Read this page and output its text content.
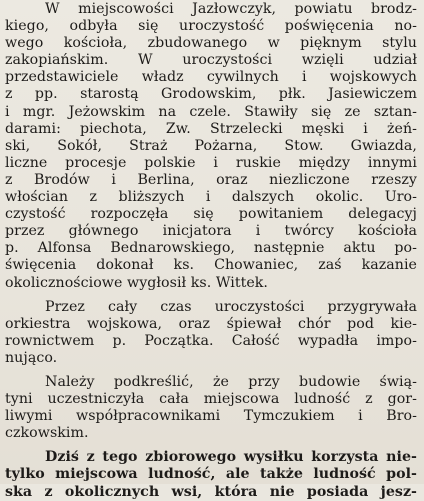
W miejscowości Jazłowczyk, powiatu brodz-
kiego, odbyła się uroczystość poświęcenia no-
wego kościoła, zbudowanego w pięknym stylu
zakopiańskim. W uroczystości wzięli udział
przedstawiciele władz cywilnych i wojskowych
z pp. starostą Grodowskim, płk. Jasiewiczem
i mgr. Jeżowskim na czele. Stawiły się ze sztan-
darami: piechota, Zw. Strzelecki męski i żeń-
ski, Sokół, Straż Pożarna, Stow. Gwiazda,
liczne procesje polskie i ruskie między innymi
z Brodów i Berlina, oraz niezliczone rzeszy
włościan z bliższych i dalszych okolic. Uro-
czystość rozpoczęła się powitaniem delegacyj
przez głównego inicjatora i twórcy kościoła
p. Alfonsa Bednarowskiego, następnie aktu po-
święcenia dokonał ks. Chowaniec, zaś kazanie
okolicznościowe wygłosił ks. Wittek.
Przez cały czas uroczystości przygrywała
orkiestra wojskowa, oraz śpiewał chór pod kie-
rownictwem p. Początka. Całość wypadła impo-
nująco.
Należy podkreślić, że przy budowie świą-
tyni uczestniczyła cała miejscowa ludność z gor-
liwymi współpracownikami Tymczukiem i Bro-
czkowskim.
Dziś z tego zbiorowego wysiłku korzysta nie-
tylko miejscowa ludność, ale także ludność pol-
ska z okolicznych wsi, która nie posiada jesz-
